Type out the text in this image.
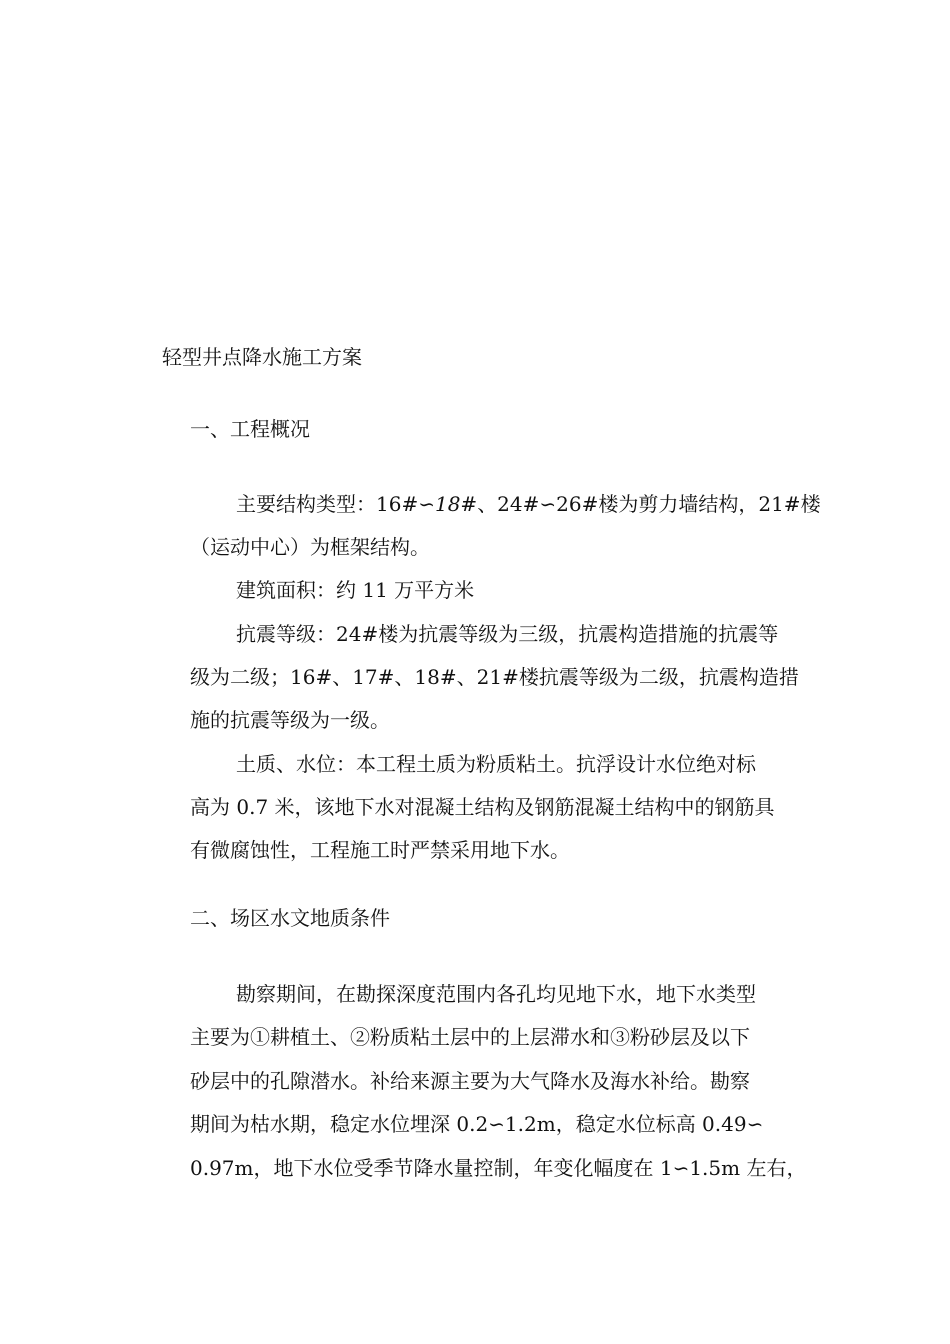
轻型井点降水施工方案
一、工程概况
主要结构类型：16#∽18#、24#∽26#楼为剪力墙结构，21#楼
（运动中心）为框架结构。
建筑面积：约 11 万平方米
抗震等级：24#楼为抗震等级为三级，抗震构造措施的抗震等
级为二级；16#、17#、18#、21#楼抗震等级为二级，抗震构造措
施的抗震等级为一级。
土质、水位：本工程土质为粉质粘土。抗浮设计水位绝对标
高为 0.7 米，该地下水对混凝土结构及钢筋混凝土结构中的钢筋具
有微腐蚀性，工程施工时严禁采用地下水。
二、场区水文地质条件
勘察期间，在勘探深度范围内各孔均见地下水，地下水类型
主要为①耕植土、②粉质粘土层中的上层滞水和③粉砂层及以下
砂层中的孔隙潜水。补给来源主要为大气降水及海水补给。勘察
期间为枯水期，稳定水位埋深 0.2∽1.2m，稳定水位标高 0.49∽
0.97m，地下水位受季节降水量控制，年变化幅度在 1∽1.5m 左右，
